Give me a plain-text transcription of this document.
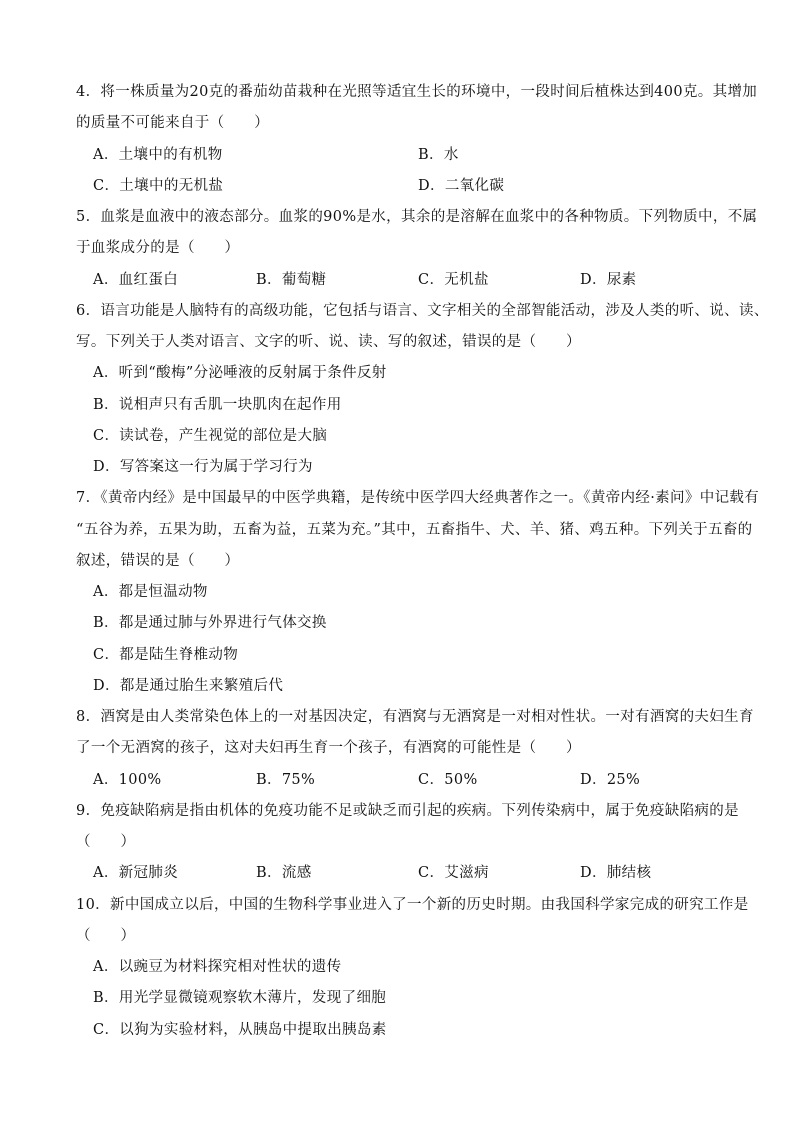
4．将一株质量为20克的番茄幼苗栽种在光照等适宜生长的环境中，一段时间后植株达到400克。其增加
的质量不可能来自于（　　）
A．土壤中的有机物	B．水
C．土壤中的无机盐	D．二氧化碳
5．血浆是血液中的液态部分。血浆的90%是水，其余的是溶解在血浆中的各种物质。下列物质中，不属
于血浆成分的是（　　）
A．血红蛋白	B．葡萄糖	C．无机盐	D．尿素
6．语言功能是人脑特有的高级功能，它包括与语言、文字相关的全部智能活动，涉及人类的听、说、读、
写。下列关于人类对语言、文字的听、说、读、写的叙述，错误的是（　　）
A．听到“酸梅”分泌唾液的反射属于条件反射
B．说相声只有舌肌一块肌肉在起作用
C．读试卷，产生视觉的部位是大脑
D．写答案这一行为属于学习行为
7．《黄帝内经》是中国最早的中医学典籍，是传统中医学四大经典著作之一。《黄帝内经·素问》中记载有
“五谷为养，五果为助，五畜为益，五菜为充。”其中，五畜指牛、犬、羊、猪、鸡五种。下列关于五畜的
叙述，错误的是（　　）
A．都是恒温动物
B．都是通过肺与外界进行气体交换
C．都是陆生脊椎动物
D．都是通过胎生来繁殖后代
8．酒窝是由人类常染色体上的一对基因决定，有酒窝与无酒窝是一对相对性状。一对有酒窝的夫妇生育
了一个无酒窝的孩子，这对夫妇再生育一个孩子，有酒窝的可能性是（　　）
A．100%	B．75%	C．50%	D．25%
9．免疫缺陷病是指由机体的免疫功能不足或缺乏而引起的疾病。下列传染病中，属于免疫缺陷病的是
（　　）
A．新冠肺炎	B．流感	C．艾滋病	D．肺结核
10．新中国成立以后，中国的生物科学事业进入了一个新的历史时期。由我国科学家完成的研究工作是
（　　）
A．以豌豆为材料探究相对性状的遗传
B．用光学显微镜观察软木薄片，发现了细胞
C．以狗为实验材料，从胰岛中提取出胰岛素
